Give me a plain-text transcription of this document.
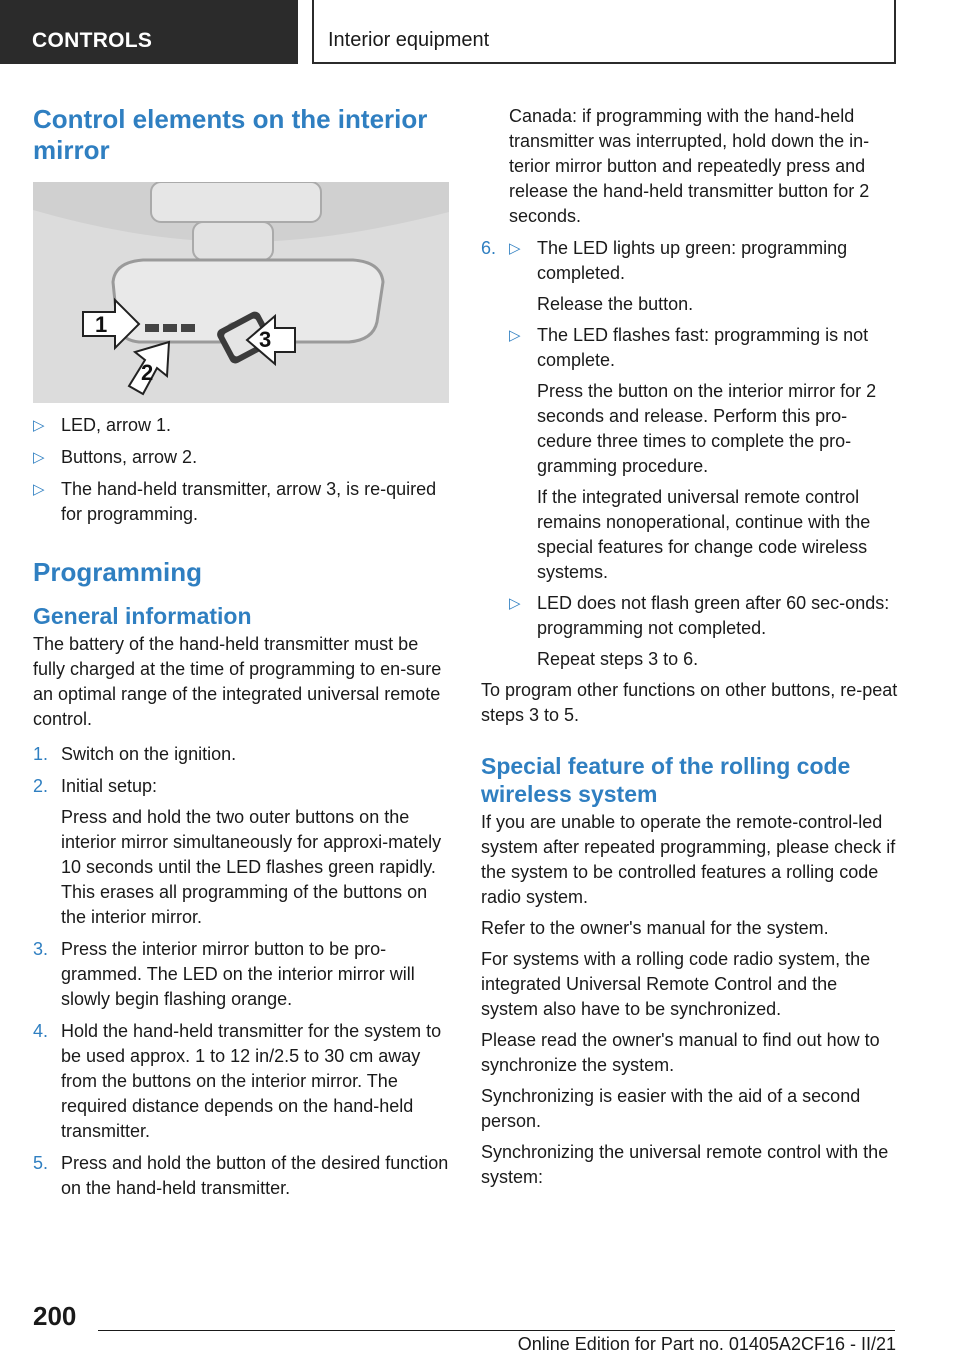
CONTROLS	Interior equipment
Control elements on the interior mirror
1
2
3
▷ LED, arrow 1.
▷ Buttons, arrow 2.
▷ The hand-held transmitter, arrow 3, is re-quired for programming.
Programming
General information

The battery of the hand-held transmitter must be fully charged at the time of programming to en-sure an optimal range of the integrated universal remote control.

1. Switch on the ignition.
2. Initial setup:
Press and hold the two outer buttons on the interior mirror simultaneously for approxi-mately 10 seconds until the LED flashes green rapidly. This erases all programming of the buttons on the interior mirror.
3. Press the interior mirror button to be pro-grammed. The LED on the interior mirror will slowly begin flashing orange.
4. Hold the hand-held transmitter for the system to be used approx. 1 to 12 in/2.5 to 30 cm away from the buttons on the interior mirror. The required distance depends on the hand-held transmitter.
5. Press and hold the button of the desired function on the hand-held transmitter.
Canada: if programming with the hand-held transmitter was interrupted, hold down the in-terior mirror button and repeatedly press and release the hand-held transmitter button for 2 seconds.
6. ▷ The LED lights up green: programming completed.
Release the button.
▷ The LED flashes fast: programming is not complete.
Press the button on the interior mirror for 2 seconds and release. Perform this pro-cedure three times to complete the pro-gramming procedure.
If the integrated universal remote control remains nonoperational, continue with the special features for change code wireless systems.
▷ LED does not flash green after 60 sec-onds: programming not completed.
Repeat steps 3 to 6.

To program other functions on other buttons, re-peat steps 3 to 5.

Special feature of the rolling code wireless system

If you are unable to operate the remote-control-led system after repeated programming, please check if the system to be controlled features a rolling code radio system.

Refer to the owner's manual for the system.

For systems with a rolling code radio system, the integrated Universal Remote Control and the system also have to be synchronized.

Please read the owner's manual to find out how to synchronize the system.

Synchronizing is easier with the aid of a second person.

Synchronizing the universal remote control with the system:

200
Online Edition for Part no. 01405A2CF16 - II/21
